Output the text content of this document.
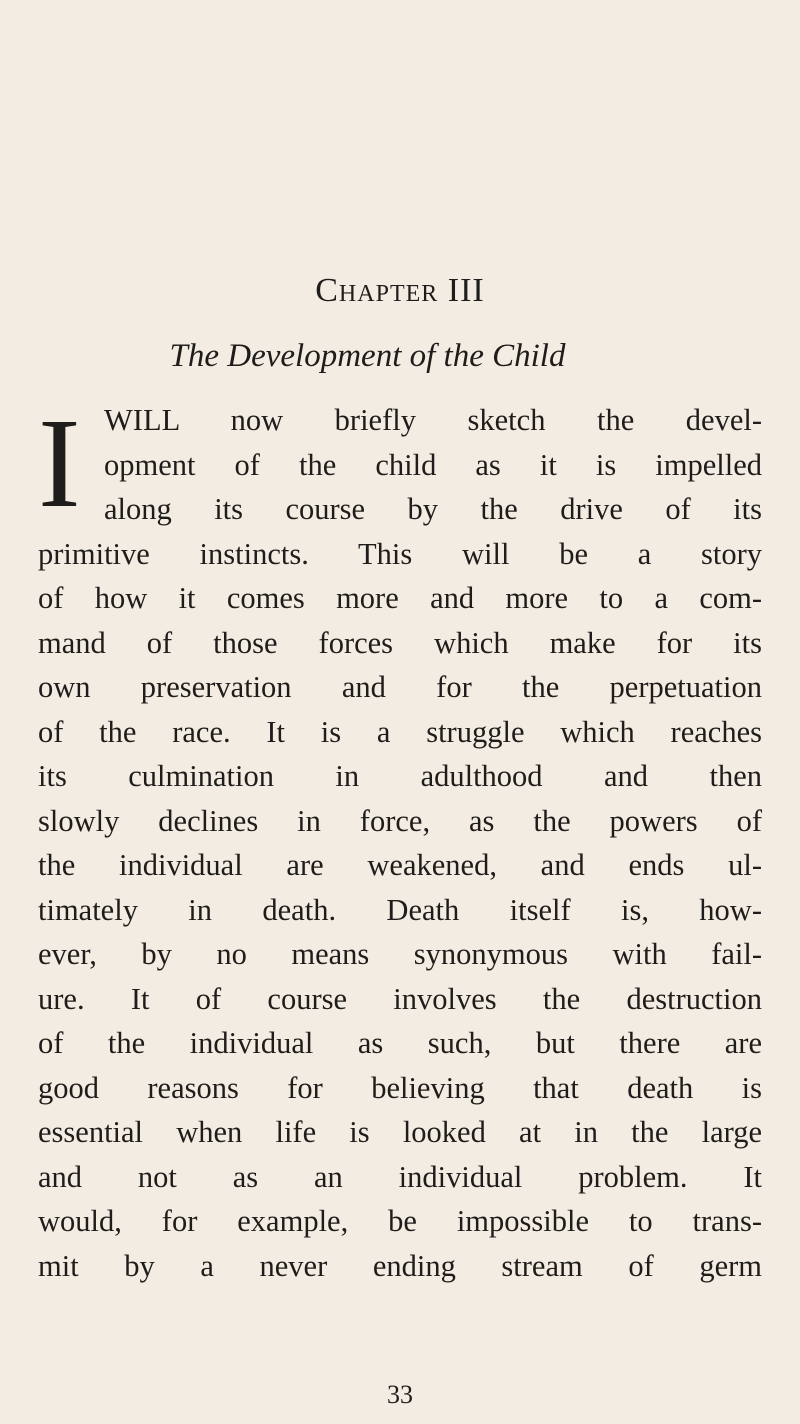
Chapter III
The Development of the Child
I WILL now briefly sketch the devel-
opment of the child as it is impelled
along its course by the drive of its
primitive instincts. This will be a story
of how it comes more and more to a com-
mand of those forces which make for its
own preservation and for the perpetuation
of the race. It is a struggle which reaches
its culmination in adulthood and then
slowly declines in force, as the powers of
the individual are weakened, and ends ul-
timately in death. Death itself is, how-
ever, by no means synonymous with fail-
ure. It of course involves the destruction
of the individual as such, but there are
good reasons for believing that death is
essential when life is looked at in the large
and not as an individual problem. It
would, for example, be impossible to trans-
mit by a never ending stream of germ
33
